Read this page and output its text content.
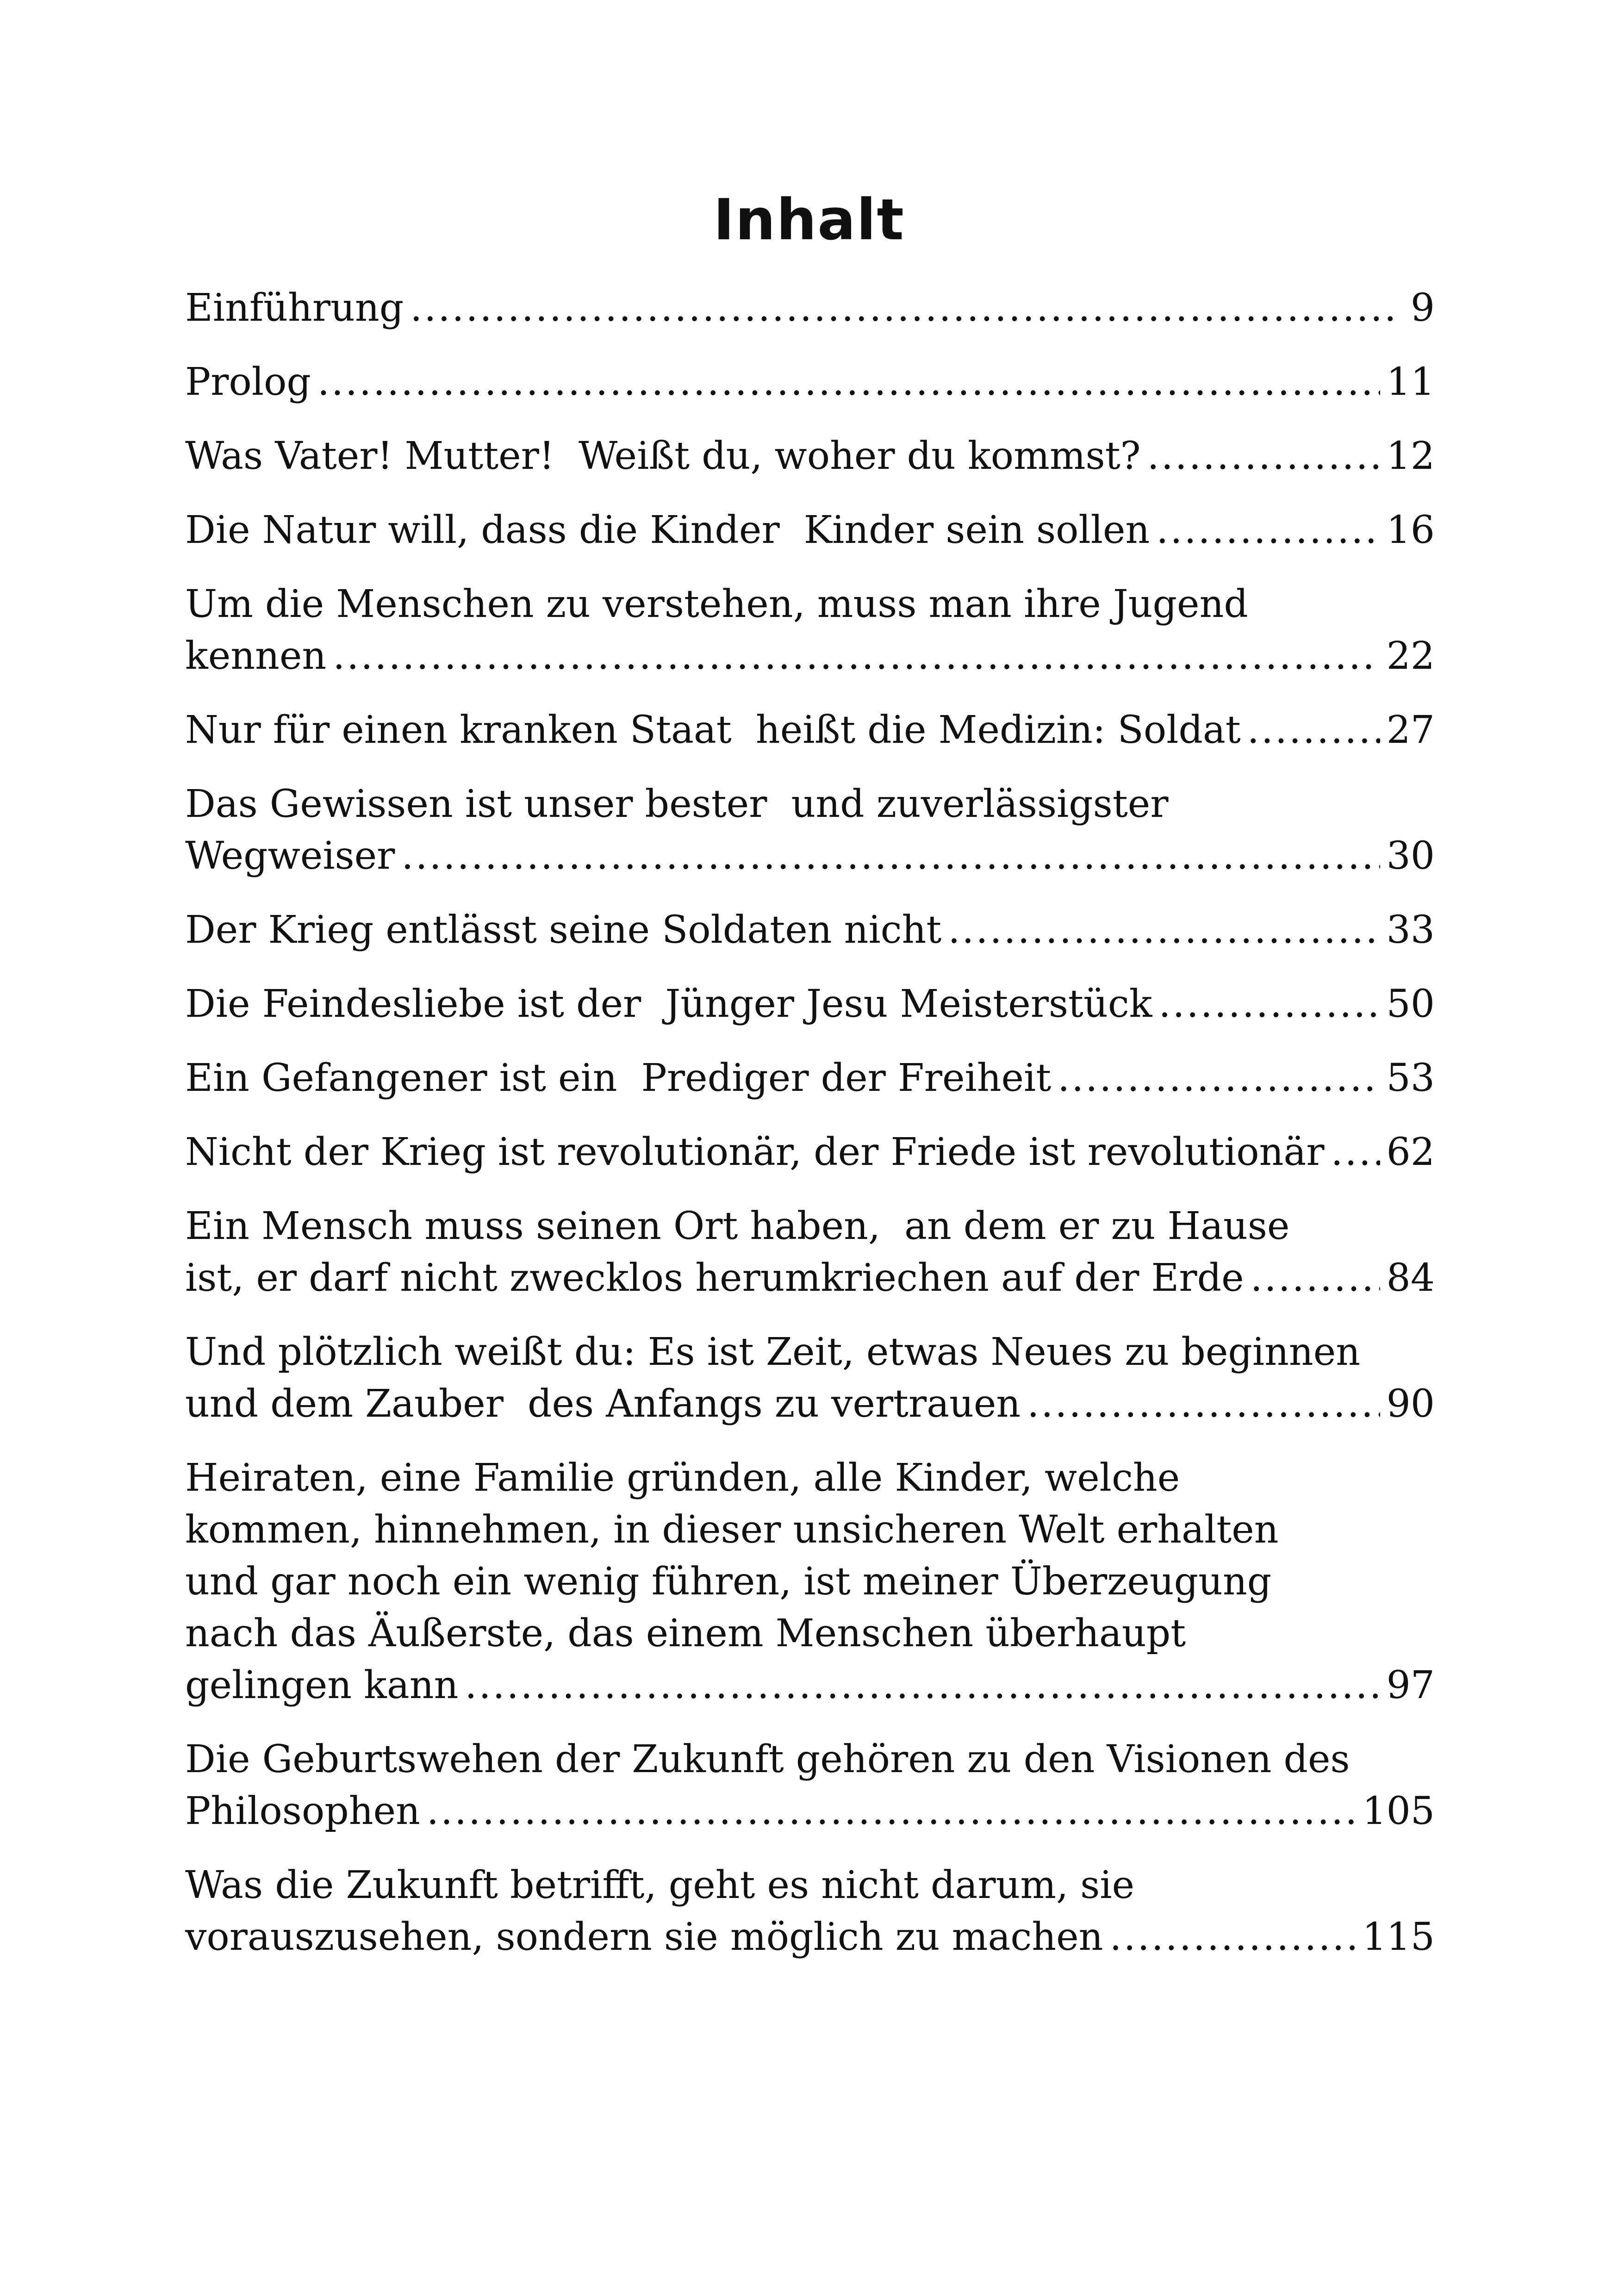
Inhalt
Einführung .....	9
Prolog .....	11
Was Vater! Mutter!  Weißt du, woher du kommst? .....	12
Die Natur will, dass die Kinder  Kinder sein sollen .....	16
Um die Menschen zu verstehen, muss man ihre Jugend
kennen .....	22
Nur für einen kranken Staat  heißt die Medizin: Soldat .....	27
Das Gewissen ist unser bester  und zuverlässigster
Wegweiser .....	30
Der Krieg entlässt seine Soldaten nicht .....	33
Die Feindesliebe ist der  Jünger Jesu Meisterstück .....	50
Ein Gefangener ist ein  Prediger der Freiheit .....	53
Nicht der Krieg ist revolutionär, der Friede ist revolutionär ..... 62
Ein Mensch muss seinen Ort haben,  an dem er zu Hause
ist, er darf nicht zwecklos herumkriechen auf der Erde .....	84
Und plötzlich weißt du: Es ist Zeit, etwas Neues zu beginnen
und dem Zauber  des Anfangs zu vertrauen .....	90
Heiraten, eine Familie gründen, alle Kinder, welche
kommen, hinnehmen, in dieser unsicheren Welt erhalten
und gar noch ein wenig führen, ist meiner Überzeugung
nach das Äußerste, das einem Menschen überhaupt
gelingen kann .....	97
Die Geburtswehen der Zukunft gehören zu den Visionen des
Philosophen .....	105
Was die Zukunft betrifft, geht es nicht darum, sie
vorauszusehen, sondern sie möglich zu machen .....	115
